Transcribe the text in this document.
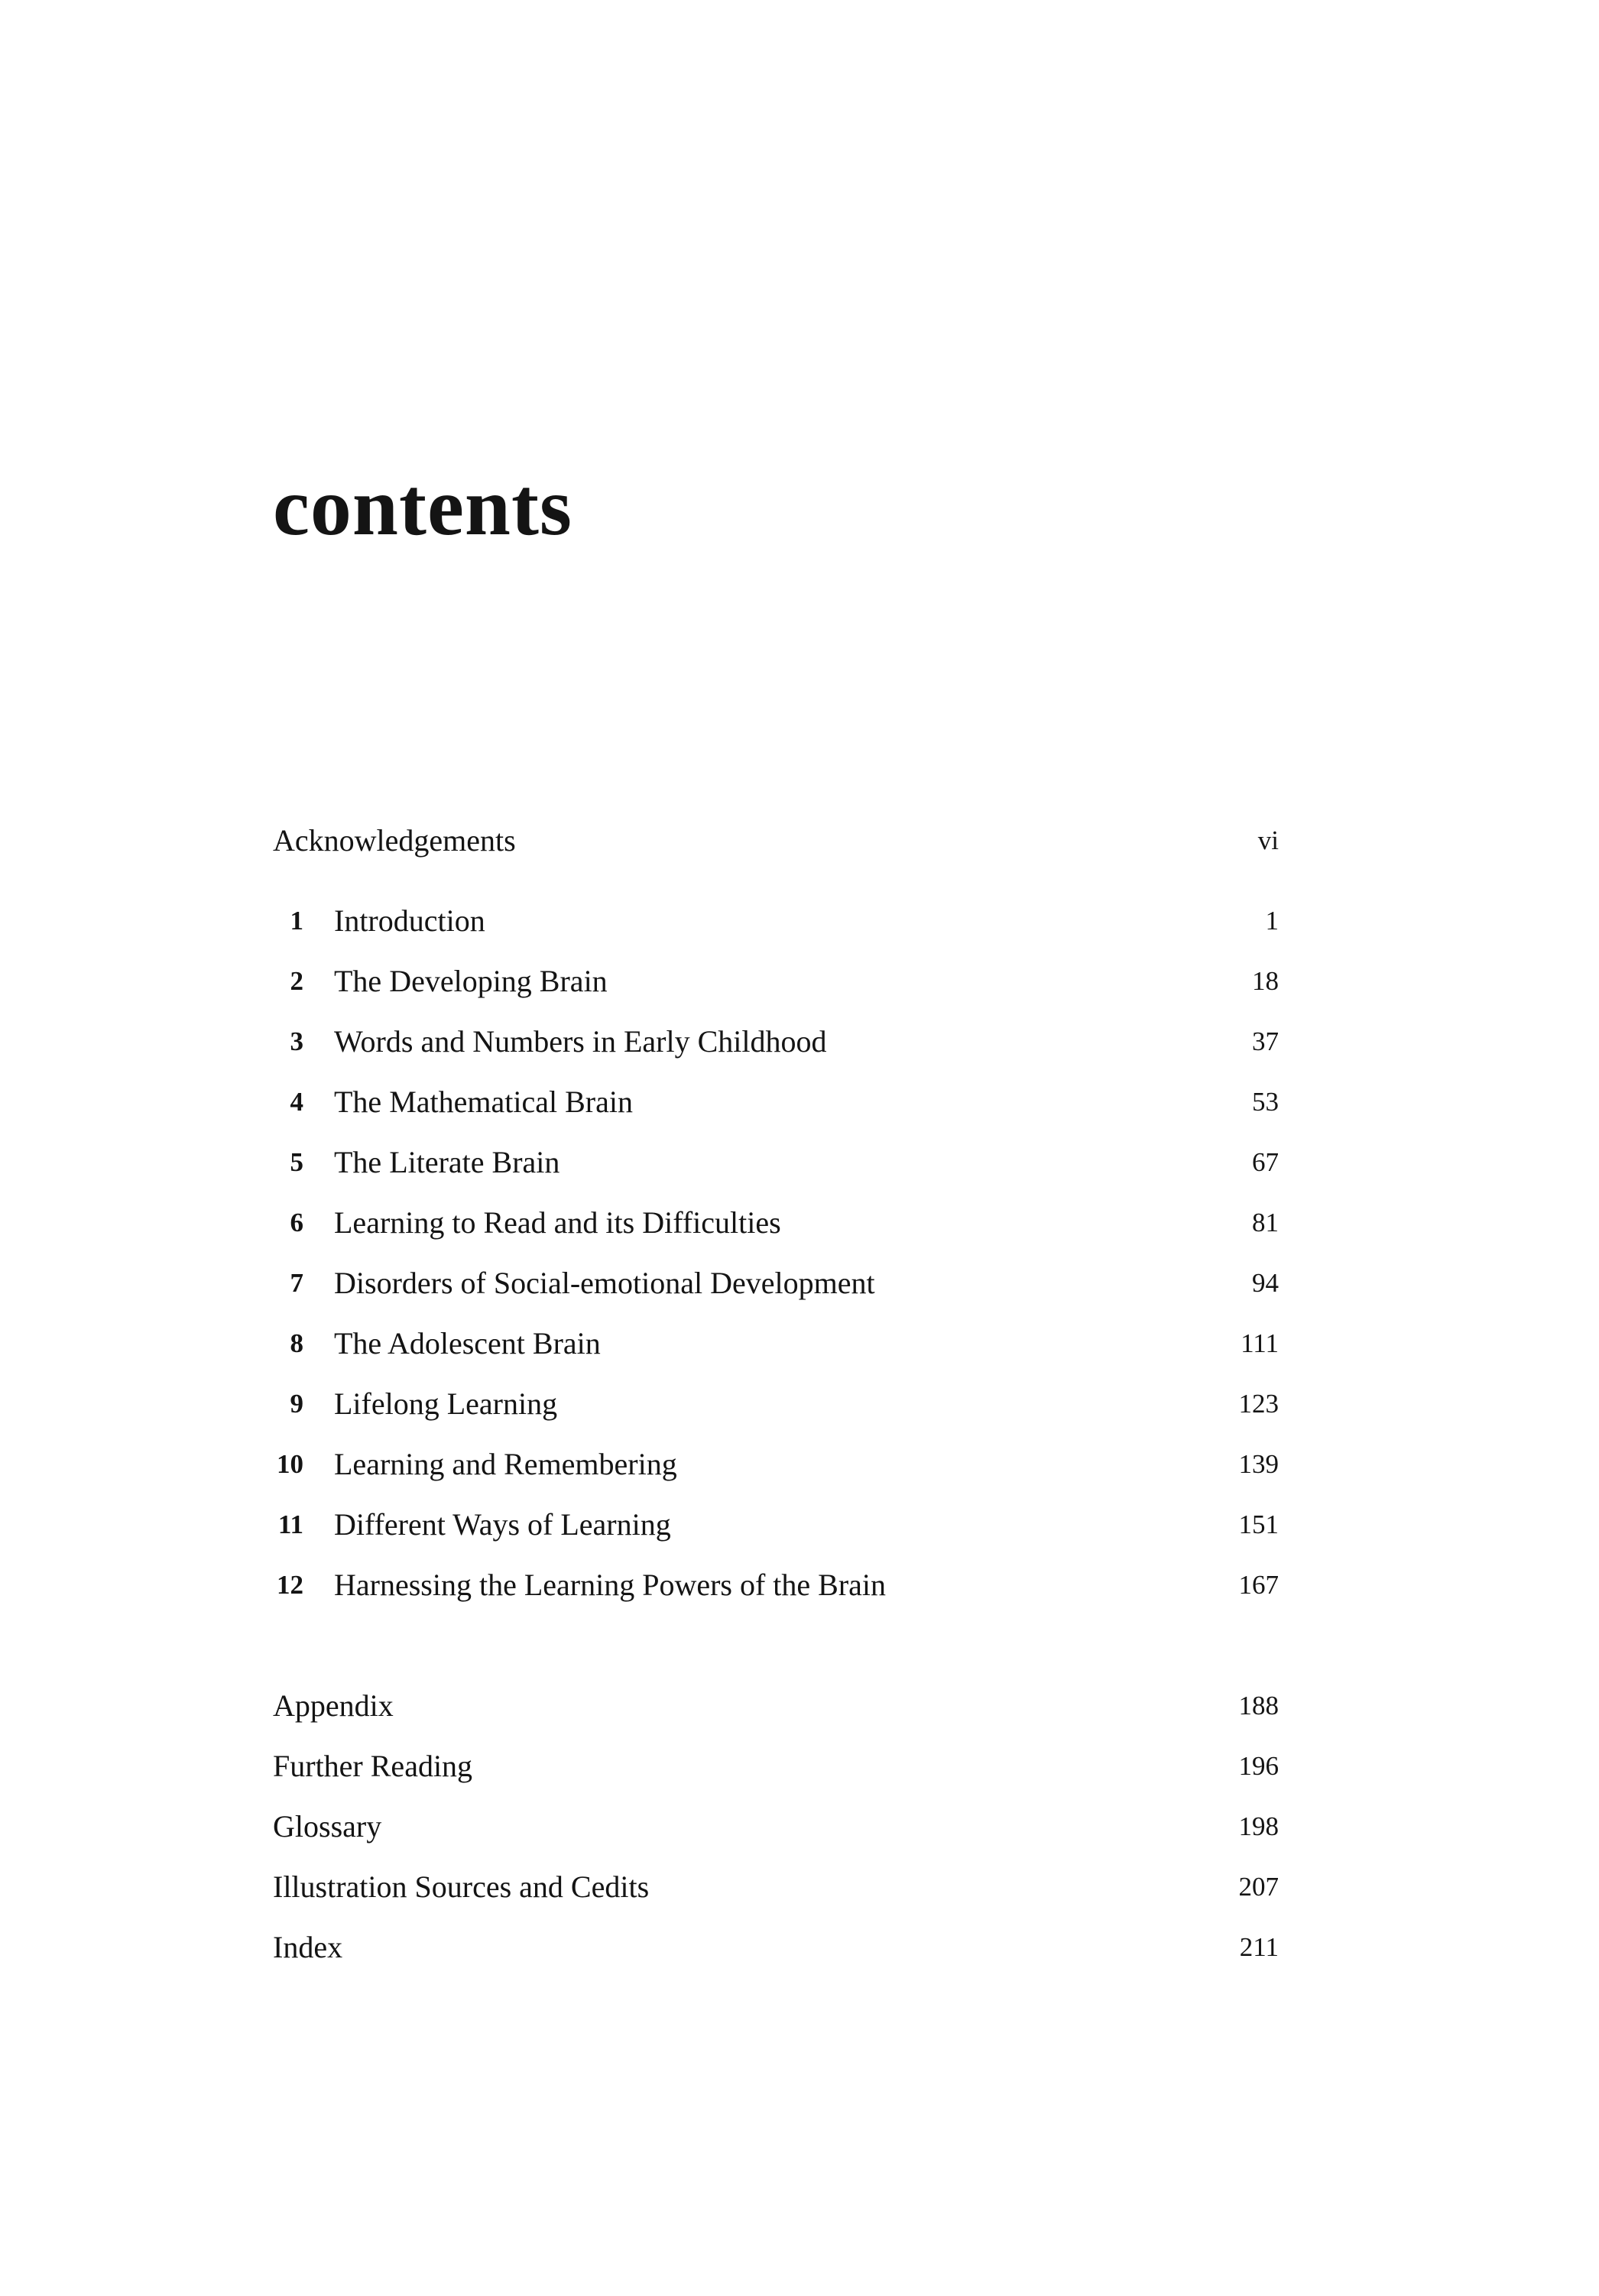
contents
Acknowledgements	vi
1 Introduction	1
2 The Developing Brain	18
3 Words and Numbers in Early Childhood	37
4 The Mathematical Brain	53
5 The Literate Brain	67
6 Learning to Read and its Difficulties	81
7 Disorders of Social-emotional Development	94
8 The Adolescent Brain	111
9 Lifelong Learning	123
10 Learning and Remembering	139
11 Different Ways of Learning	151
12 Harnessing the Learning Powers of the Brain	167
Appendix	188
Further Reading	196
Glossary	198
Illustration Sources and Cedits	207
Index	211
